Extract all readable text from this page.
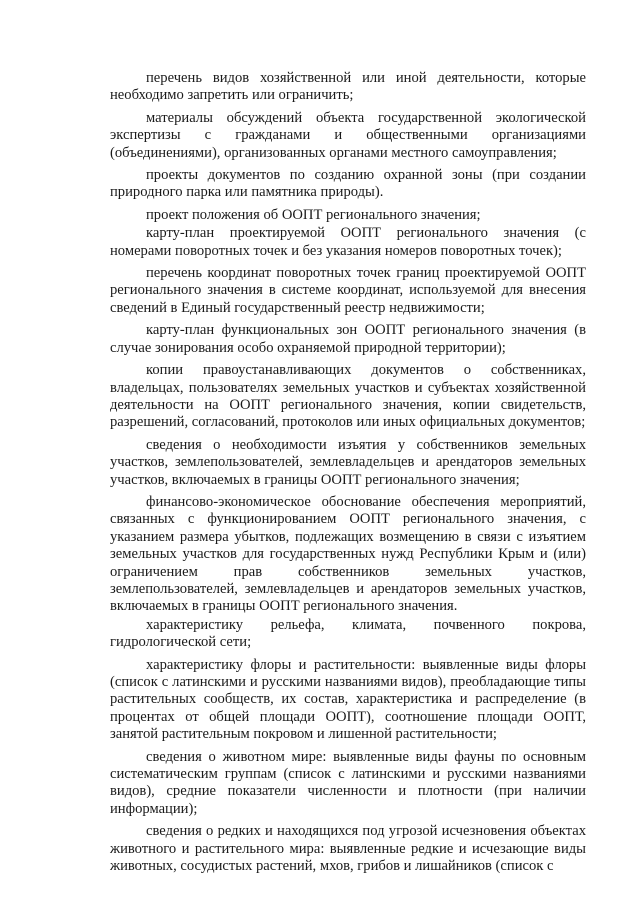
перечень видов хозяйственной или иной деятельности, которые необходимо запретить или ограничить;

материалы обсуждений объекта государственной экологической экспертизы с гражданами и общественными организациями (объединениями), организованных органами местного самоуправления;

проекты документов по созданию охранной зоны (при создании природного парка или памятника природы).

проект положения об ООПТ регионального значения;

карту-план проектируемой ООПТ регионального значения (с номерами поворотных точек и без указания номеров поворотных точек);

перечень координат поворотных точек границ проектируемой ООПТ регионального значения в системе координат, используемой для внесения сведений в Единый государственный реестр недвижимости;

карту-план функциональных зон ООПТ регионального значения (в случае зонирования особо охраняемой природной территории);

копии правоустанавливающих документов о собственниках, владельцах, пользователях земельных участков и субъектах хозяйственной деятельности на ООПТ регионального значения, копии свидетельств, разрешений, согласований, протоколов или иных официальных документов;

сведения о необходимости изъятия у собственников земельных участков, землепользователей, землевладельцев и арендаторов земельных участков, включаемых в границы ООПТ регионального значения;

финансово-экономическое обоснование обеспечения мероприятий, связанных с функционированием ООПТ регионального значения, с указанием размера убытков, подлежащих возмещению в связи с изъятием земельных участков для государственных нужд Республики Крым и (или) ограничением прав собственников земельных участков, землепользователей, землевладельцев и арендаторов земельных участков, включаемых в границы ООПТ регионального значения.

характеристику рельефа, климата, почвенного покрова, гидрологической сети;

характеристику флоры и растительности: выявленные виды флоры (список с латинскими и русскими названиями видов), преобладающие типы растительных сообществ, их состав, характеристика и распределение (в процентах от общей площади ООПТ), соотношение площади ООПТ, занятой растительным покровом и лишенной растительности;

сведения о животном мире: выявленные виды фауны по основным систематическим группам (список с латинскими и русскими названиями видов), средние показатели численности и плотности (при наличии информации);

сведения о редких и находящихся под угрозой исчезновения объектах животного и растительного мира: выявленные редкие и исчезающие виды животных, сосудистых растений, мхов, грибов и лишайников (список с
